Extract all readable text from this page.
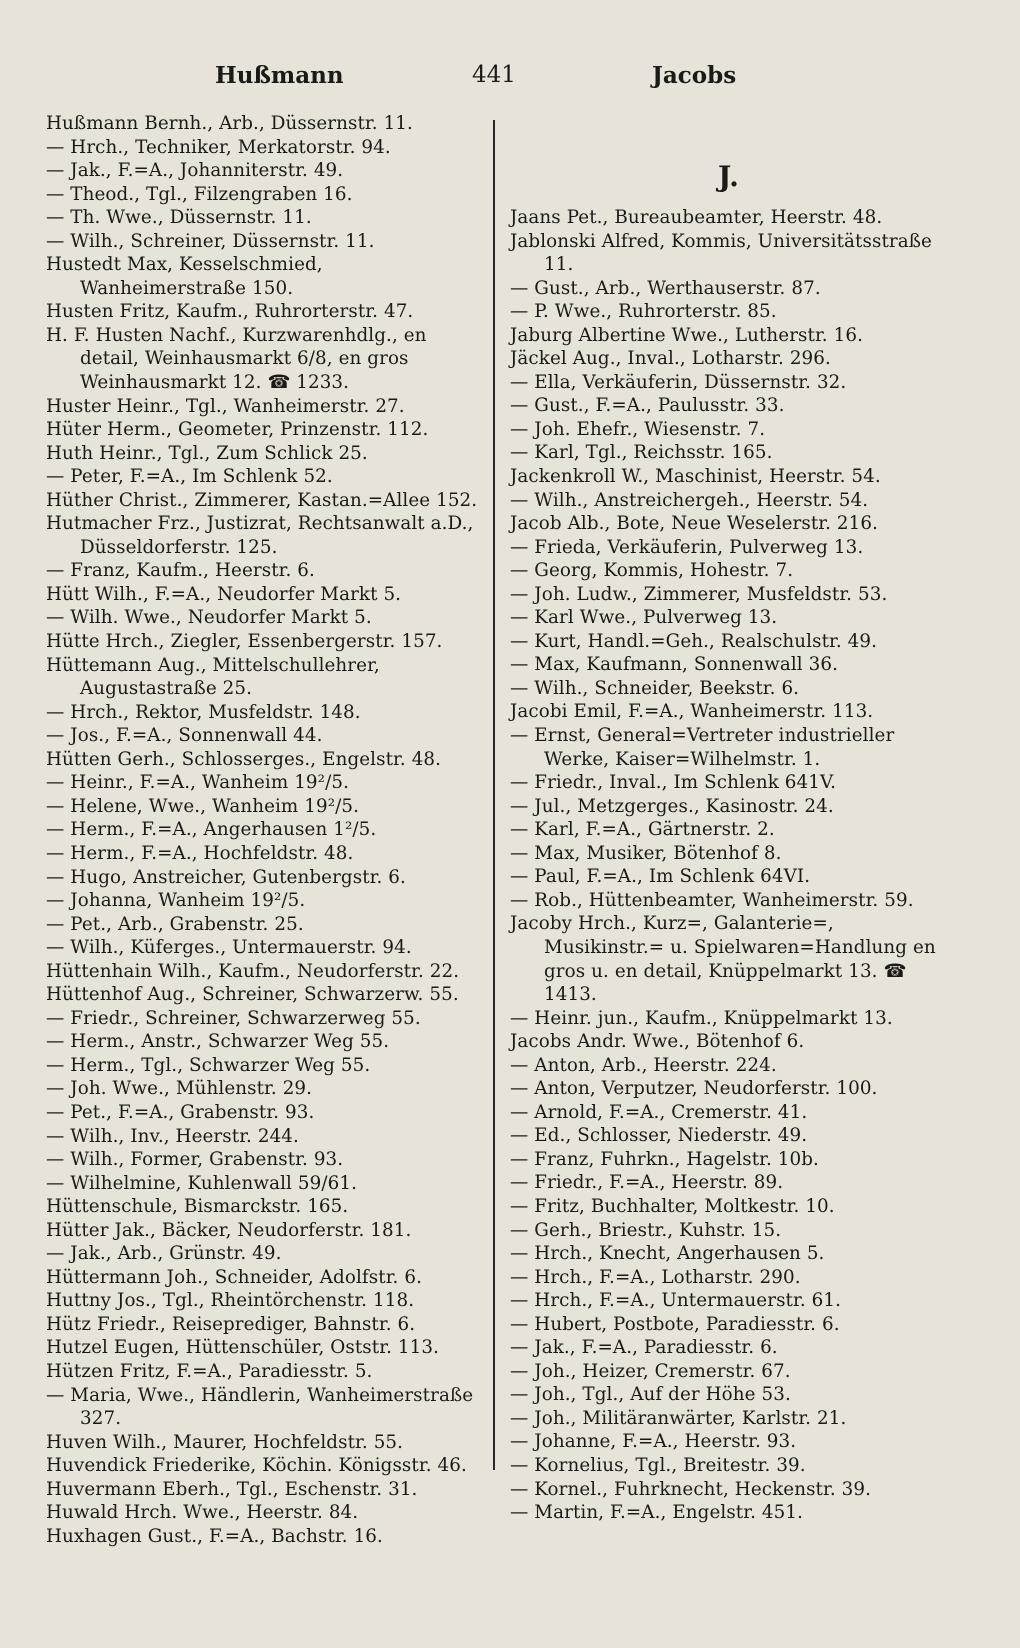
Hußmann	441	Jacobs

Hußmann Bernh., Arb., Düssernstr. 11.

— Hrch., Techniker, Merkatorstr. 94.

— Jak., F.=A., Johanniterstr. 49.

— Theod., Tgl., Filzengraben 16.

— Th. Wwe., Düssernstr. 11.

— Wilh., Schreiner, Düssernstr. 11.

Hustedt Max, Kesselschmied, Wanheimerstraße 150.

Husten Fritz, Kaufm., Ruhrorterstr. 47.

H. F. Husten Nachf., Kurzwarenhdlg., en detail, Weinhausmarkt 6/8, en gros Weinhausmarkt 12. ☎ 1233.

Huster Heinr., Tgl., Wanheimerstr. 27.

Hüter Herm., Geometer, Prinzenstr. 112.

Huth Heinr., Tgl., Zum Schlick 25.

— Peter, F.=A., Im Schlenk 52.

Hüther Christ., Zimmerer, Kastan.=Allee 152.

Hutmacher Frz., Justizrat, Rechtsanwalt a.D., Düsseldorferstr. 125.

— Franz, Kaufm., Heerstr. 6.

Hütt Wilh., F.=A., Neudorfer Markt 5.

— Wilh. Wwe., Neudorfer Markt 5.

Hütte Hrch., Ziegler, Essenbergerstr. 157.

Hüttemann Aug., Mittelschullehrer, Augustastraße 25.

— Hrch., Rektor, Musfeldstr. 148.

— Jos., F.=A., Sonnenwall 44.

Hütten Gerh., Schlosserges., Engelstr. 48.

— Heinr., F.=A., Wanheim 19²/5.

— Helene, Wwe., Wanheim 19²/5.

— Herm., F.=A., Angerhausen 1²/5.

— Herm., F.=A., Hochfeldstr. 48.

— Hugo, Anstreicher, Gutenbergstr. 6.

— Johanna, Wanheim 19²/5.

— Pet., Arb., Grabenstr. 25.

— Wilh., Küferges., Untermauerstr. 94.

Hüttenhain Wilh., Kaufm., Neudorferstr. 22.

Hüttenhof Aug., Schreiner, Schwarzerw. 55.

— Friedr., Schreiner, Schwarzerweg 55.

— Herm., Anstr., Schwarzer Weg 55.

— Herm., Tgl., Schwarzer Weg 55.

— Joh. Wwe., Mühlenstr. 29.

— Pet., F.=A., Grabenstr. 93.

— Wilh., Inv., Heerstr. 244.

— Wilh., Former, Grabenstr. 93.

— Wilhelmine, Kuhlenwall 59/61.

Hüttenschule, Bismarckstr. 165.

Hütter Jak., Bäcker, Neudorferstr. 181.

— Jak., Arb., Grünstr. 49.

Hüttermann Joh., Schneider, Adolfstr. 6.

Huttny Jos., Tgl., Rheintörchenstr. 118.

Hütz Friedr., Reiseprediger, Bahnstr. 6.

Hutzel Eugen, Hüttenschüler, Oststr. 113.

Hützen Fritz, F.=A., Paradiesstr. 5.

— Maria, Wwe., Händlerin, Wanheimerstraße 327.

Huven Wilh., Maurer, Hochfeldstr. 55.

Huvendick Friederike, Köchin. Königsstr. 46.

Huvermann Eberh., Tgl., Eschenstr. 31.

Huwald Hrch. Wwe., Heerstr. 84.

Huxhagen Gust., F.=A., Bachstr. 16.

J.

Jaans Pet., Bureaubeamter, Heerstr. 48.

Jablonski Alfred, Kommis, Universitätsstraße 11.

— Gust., Arb., Werthauserstr. 87.

— P. Wwe., Ruhrorterstr. 85.

Jaburg Albertine Wwe., Lutherstr. 16.

Jäckel Aug., Inval., Lotharstr. 296.

— Ella, Verkäuferin, Düssernstr. 32.

— Gust., F.=A., Paulusstr. 33.

— Joh. Ehefr., Wiesenstr. 7.

— Karl, Tgl., Reichsstr. 165.

Jackenkroll W., Maschinist, Heerstr. 54.

— Wilh., Anstreichergeh., Heerstr. 54.

Jacob Alb., Bote, Neue Weselerstr. 216.

— Frieda, Verkäuferin, Pulverweg 13.

— Georg, Kommis, Hohestr. 7.

— Joh. Ludw., Zimmerer, Musfeldstr. 53.

— Karl Wwe., Pulverweg 13.

— Kurt, Handl.=Geh., Realschulstr. 49.

— Max, Kaufmann, Sonnenwall 36.

— Wilh., Schneider, Beekstr. 6.

Jacobi Emil, F.=A., Wanheimerstr. 113.

— Ernst, General=Vertreter industrieller Werke, Kaiser=Wilhelmstr. 1.

— Friedr., Inval., Im Schlenk 641V.

— Jul., Metzgerges., Kasinostr. 24.

— Karl, F.=A., Gärtnerstr. 2.

— Max, Musiker, Bötenhof 8.

— Paul, F.=A., Im Schlenk 64VI.

— Rob., Hüttenbeamter, Wanheimerstr. 59.

Jacoby Hrch., Kurz=, Galanterie=, Musikinstr.= u. Spielwaren=Handlung en gros u. en detail, Knüppelmarkt 13. ☎ 1413.

— Heinr. jun., Kaufm., Knüppelmarkt 13.

Jacobs Andr. Wwe., Bötenhof 6.

— Anton, Arb., Heerstr. 224.

— Anton, Verputzer, Neudorferstr. 100.

— Arnold, F.=A., Cremerstr. 41.

— Ed., Schlosser, Niederstr. 49.

— Franz, Fuhrkn., Hagelstr. 10b.

— Friedr., F.=A., Heerstr. 89.

— Fritz, Buchhalter, Moltkestr. 10.

— Gerh., Briestr., Kuhstr. 15.

— Hrch., Knecht, Angerhausen 5.

— Hrch., F.=A., Lotharstr. 290.

— Hrch., F.=A., Untermauerstr. 61.

— Hubert, Postbote, Paradiesstr. 6.

— Jak., F.=A., Paradiesstr. 6.

— Joh., Heizer, Cremerstr. 67.

— Joh., Tgl., Auf der Höhe 53.

— Joh., Militäranwärter, Karlstr. 21.

— Johanne, F.=A., Heerstr. 93.

— Kornelius, Tgl., Breitestr. 39.

— Kornel., Fuhrknecht, Heckenstr. 39.

— Martin, F.=A., Engelstr. 451.
